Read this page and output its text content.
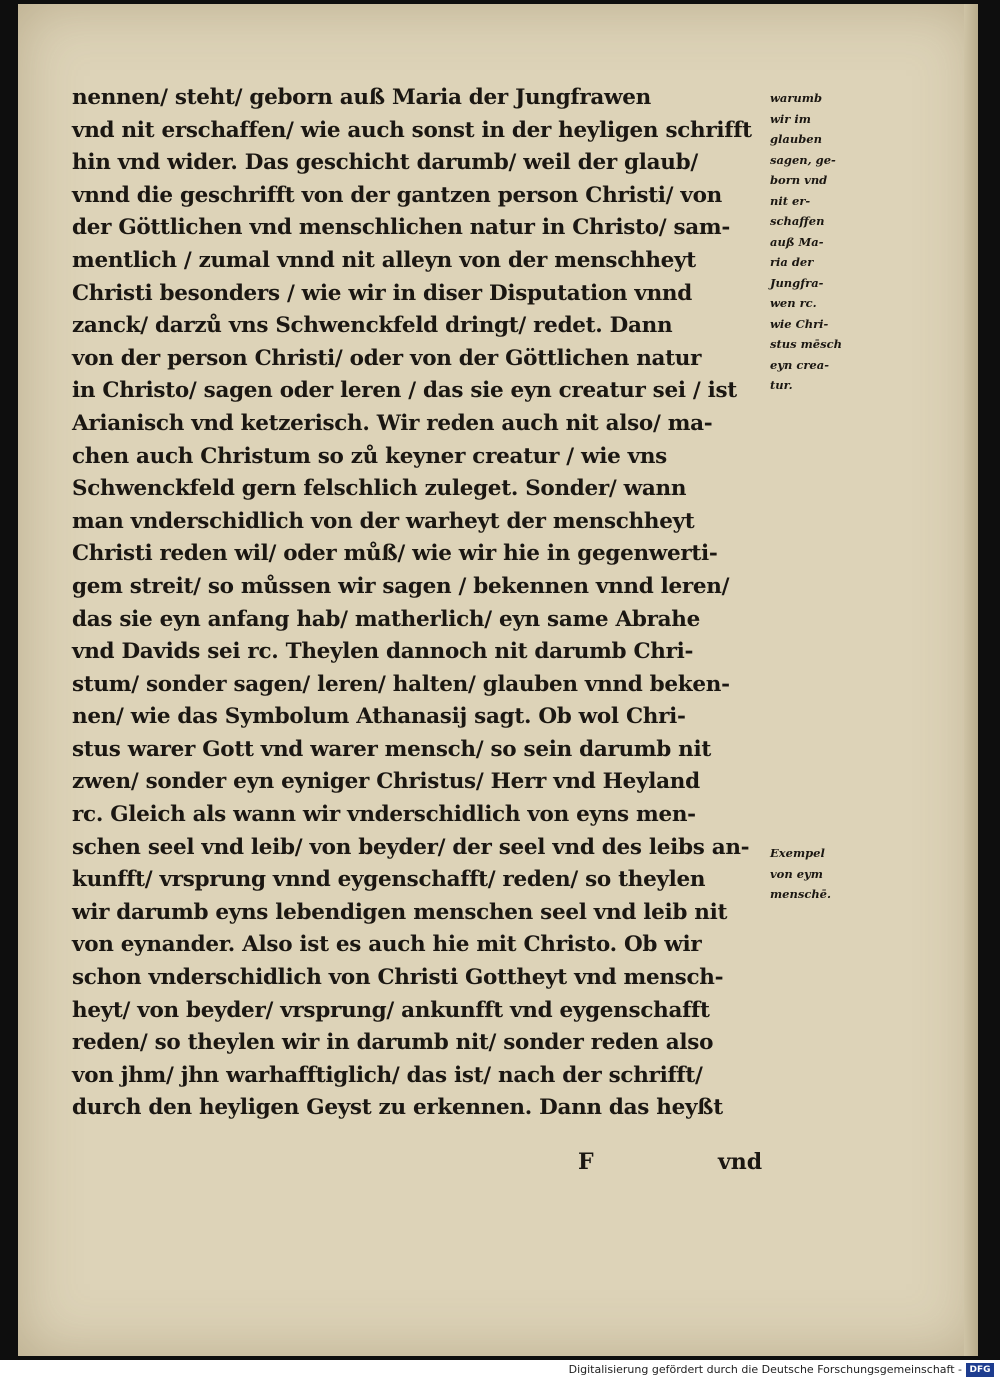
nennen/ steht/ geborn auß Maria der Jungfrawen
vnd nit erschaffen/ wie auch sonst in der heyligen schrifft
hin vnd wider. Das geschicht darumb/ weil der glaub/
vnnd die geschrifft von der gantzen person Christi/ von
der Göttlichen vnd menschlichen natur in Christo/ sam-
mentlich / zumal vnnd nit alleyn von der menschheyt
Christi besonders / wie wir in diser Disputation vnnd
zanck/ darzů vns Schwenckfeld dringt/ redet. Dann
von der person Christi/ oder von der Göttlichen natur
in Christo/ sagen oder leren / das sie eyn creatur sei / ist
Arianisch vnd ketzerisch. Wir reden auch nit also/ ma-
chen auch Christum so zů keyner creatur / wie vns
Schwenckfeld gern felschlich zuleget. Sonder/ wann
man vnderschidlich von der warheyt der menschheyt
Christi reden wil/ oder můß/ wie wir hie in gegenwerti-
gem streit/ so můssen wir sagen / bekennen vnnd leren/
das sie eyn anfang hab/ matherlich/ eyn same Abrahe
vnd Davids sei rc. Theylen dannoch nit darumb Chri-
stum/ sonder sagen/ leren/ halten/ glauben vnnd beken-
nen/ wie das Symbolum Athanasij sagt. Ob wol Chri-
stus warer Gott vnd warer mensch/ so sein darumb nit
zwen/ sonder eyn eyniger Christus/ Herr vnd Heyland
rc. Gleich als wann wir vnderschidlich von eyns men-
schen seel vnd leib/ von beyder/ der seel vnd des leibs an-
kunfft/ vrsprung vnnd eygenschafft/ reden/ so theylen
wir darumb eyns lebendigen menschen seel vnd leib nit
von eynander. Also ist es auch hie mit Christo. Ob wir
schon vnderschidlich von Christi Gottheyt vnd mensch-
heyt/ von beyder/ vrsprung/ ankunfft vnd eygenschafft
reden/ so theylen wir in darumb nit/ sonder reden also
von jhm/ jhn warhafftiglich/ das ist/ nach der schrifft/
durch den heyligen Geyst zu erkennen. Dann das heyßt
F	vnd
warumb
wir im
glauben
sagen, ge-
born vnd
nit er-
schaffen
auß Ma-
ria der
Jungfra-
wen rc.
wie Chri-
stus mēsch
eyn crea-
tur.
Exempel
von eym
menschē.
Digitalisierung gefördert durch die Deutsche Forschungsgemeinschaft - DFG
